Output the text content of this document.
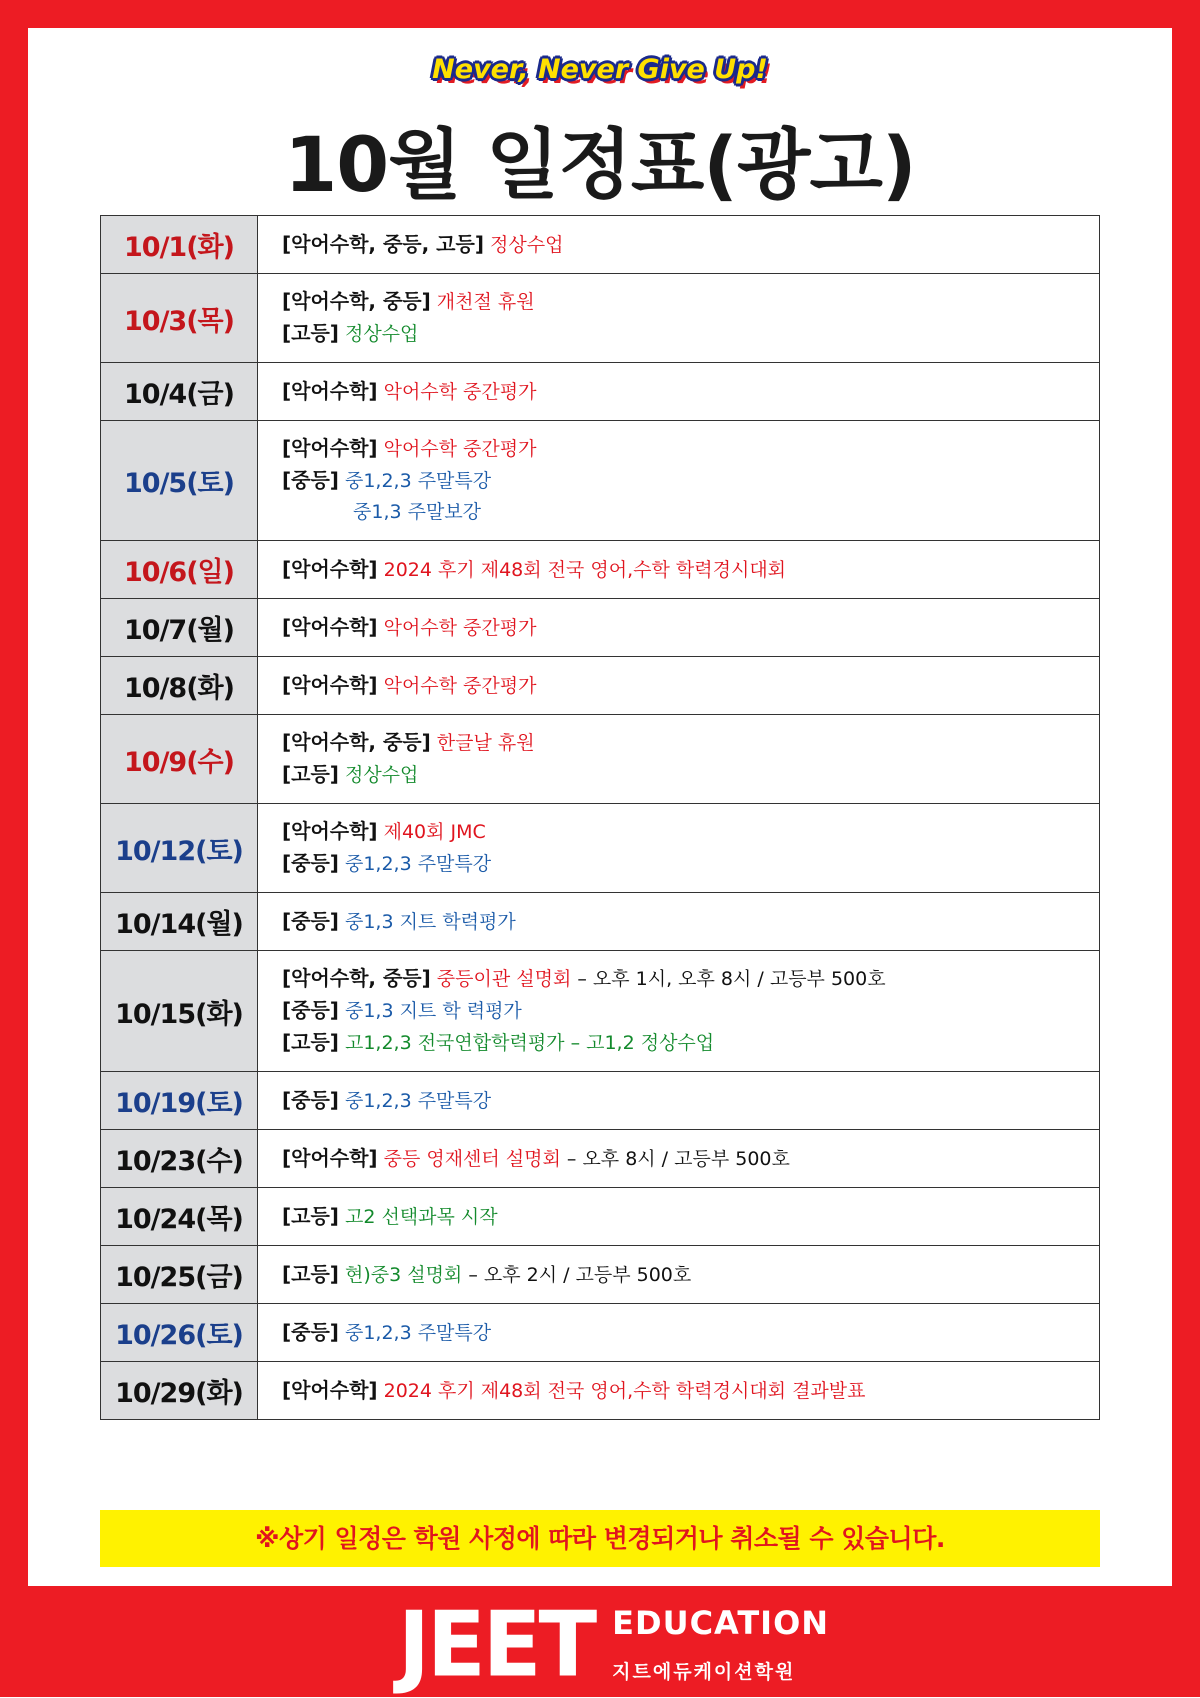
Never, Never Give Up!
10월 일정표(광고)
10/1(화)	[악어수학, 중등, 고등] 정상수업

10/3(목)	[악어수학, 중등] 개천절 휴원
[고등] 정상수업

10/4(금)	[악어수학] 악어수학 중간평가

10/5(토)	[악어수학] 악어수학 중간평가
[중등] 중1,2,3 주말특강
중1,3 주말보강

10/6(일)	[악어수학] 2024 후기 제48회 전국 영어,수학 학력경시대회

10/7(월)	[악어수학] 악어수학 중간평가

10/8(화)	[악어수학] 악어수학 중간평가

10/9(수)	[악어수학, 중등] 한글날 휴원
[고등] 정상수업

10/12(토)	[악어수학] 제40회 JMC
[중등] 중1,2,3 주말특강

10/14(월)	[중등] 중1,3 지트 학력평가

10/15(화)	[악어수학, 중등] 중등이관 설명회 – 오후 1시, 오후 8시 / 고등부 500호
[중등] 중1,3 지트 학 력평가
[고등] 고1,2,3 전국연합학력평가 – 고1,2 정상수업

10/19(토)	[중등] 중1,2,3 주말특강

10/23(수)	[악어수학] 중등 영재센터 설명회 – 오후 8시 / 고등부 500호

10/24(목)	[고등] 고2 선택과목 시작

10/25(금)	[고등] 현)중3 설명회 – 오후 2시 / 고등부 500호

10/26(토)	[중등] 중1,2,3 주말특강

10/29(화)	[악어수학] 2024 후기 제48회 전국 영어,수학 학력경시대회 결과발표
※상기 일정은 학원 사정에 따라 변경되거나 취소될 수 있습니다.
JEET EDUCATION
지트에듀케이션학원
